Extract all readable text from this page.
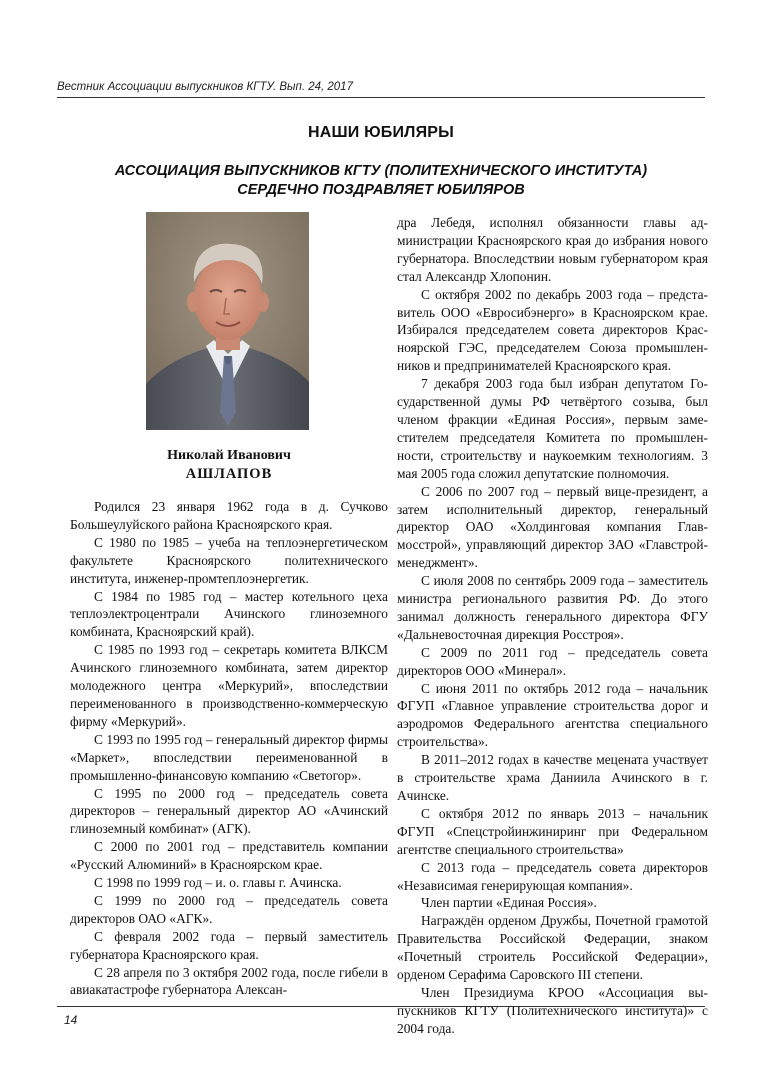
Вестник Ассоциации выпускников КГТУ. Вып. 24, 2017
НАШИ ЮБИЛЯРЫ
АССОЦИАЦИЯ ВЫПУСКНИКОВ КГТУ (ПОЛИТЕХНИЧЕСКОГО ИНСТИТУТА)
СЕРДЕЧНО ПОЗДРАВЛЯЕТ ЮБИЛЯРОВ
Николай Иванович
АШЛАПОВ

Родился 23 января 1962 года в д. Сучково Большеулуйского района Красноярского края.

С 1980 по 1985 – учеба на теплоэнергетическом факультете Красноярского политехнического института, инженер-промтеплоэнергетик.

С 1984 по 1985 год – мастер котельного цеха теплоэлектроцентрали Ачинского глиноземного комбината, Красноярский край).

С 1985 по 1993 год – секретарь комитета ВЛКСМ Ачинского глиноземного комбината, затем директор молодежного центра «Меркурий», впоследствии переименованного в производственно-коммерческую фирму «Меркурий».

С 1993 по 1995 год – генеральный директор фирмы «Маркет», впоследствии переименованной в промышленно-финансовую компанию «Светогор».

С 1995 по 2000 год – председатель совета директоров – генеральный директор АО «Ачинский глиноземный комбинат» (АГК).

С 2000 по 2001 год – представитель компании «Русский Алюминий» в Красноярском крае.

С 1998 по 1999 год – и. о. главы г. Ачинска.

С 1999 по 2000 год – председатель совета директоров ОАО «АГК».

С февраля 2002 года – первый заместитель губернатора Красноярского края.

С 28 апреля по 3 октября 2002 года, после гибели в авиакатастрофе губернатора Алексан-

дра Лебедя, исполнял обязанности главы администрации Красноярского края до избрания нового губернатора. Впоследствии новым губернатором края стал Александр Хлопонин.

С октября 2002 по декабрь 2003 года – представитель ООО «Евросибэнерго» в Красноярском крае. Избирался председателем совета директоров Красноярской ГЭС, председателем Союза промышленников и предпринимателей Красноярского края.

7 декабря 2003 года был избран депутатом Государственной думы РФ четвёртого созыва, был членом фракции «Единая Россия», первым заместителем председателя Комитета по промышленности, строительству и наукоемким технологиям. 3 мая 2005 года сложил депутатские полномочия.

С 2006 по 2007 год – первый вице-президент, а затем исполнительный директор, генеральный директор ОАО «Холдинговая компания Главмосстрой», управляющий директор ЗАО «Главстрой-менеджмент».

С июля 2008 по сентябрь 2009 года – заместитель министра регионального развития РФ. До этого занимал должность генерального директора ФГУ «Дальневосточная дирекция Росстроя».

С 2009 по 2011 год – председатель совета директоров ООО «Минерал».

С июня 2011 по октябрь 2012 года – начальник ФГУП «Главное управление строительства дорог и аэродромов Федерального агентства специального строительства».

В 2011–2012 годах в качестве мецената участвует в строительстве храма Даниила Ачинского в г. Ачинске.

С октября 2012 по январь 2013 – начальник ФГУП «Спецстройинжиниринг при Федеральном агентстве специального строительства»

С 2013 года – председатель совета директоров «Независимая генерирующая компания».

Член партии «Единая Россия».

Награждён орденом Дружбы, Почетной грамотой Правительства Российской Федерации, знаком «Почетный строитель Российской Федерации», орденом Серафима Саровского III степени.

Член Президиума КРОО «Ассоциация выпускников КГТУ (Политехнического института)» с 2004 года.

14
